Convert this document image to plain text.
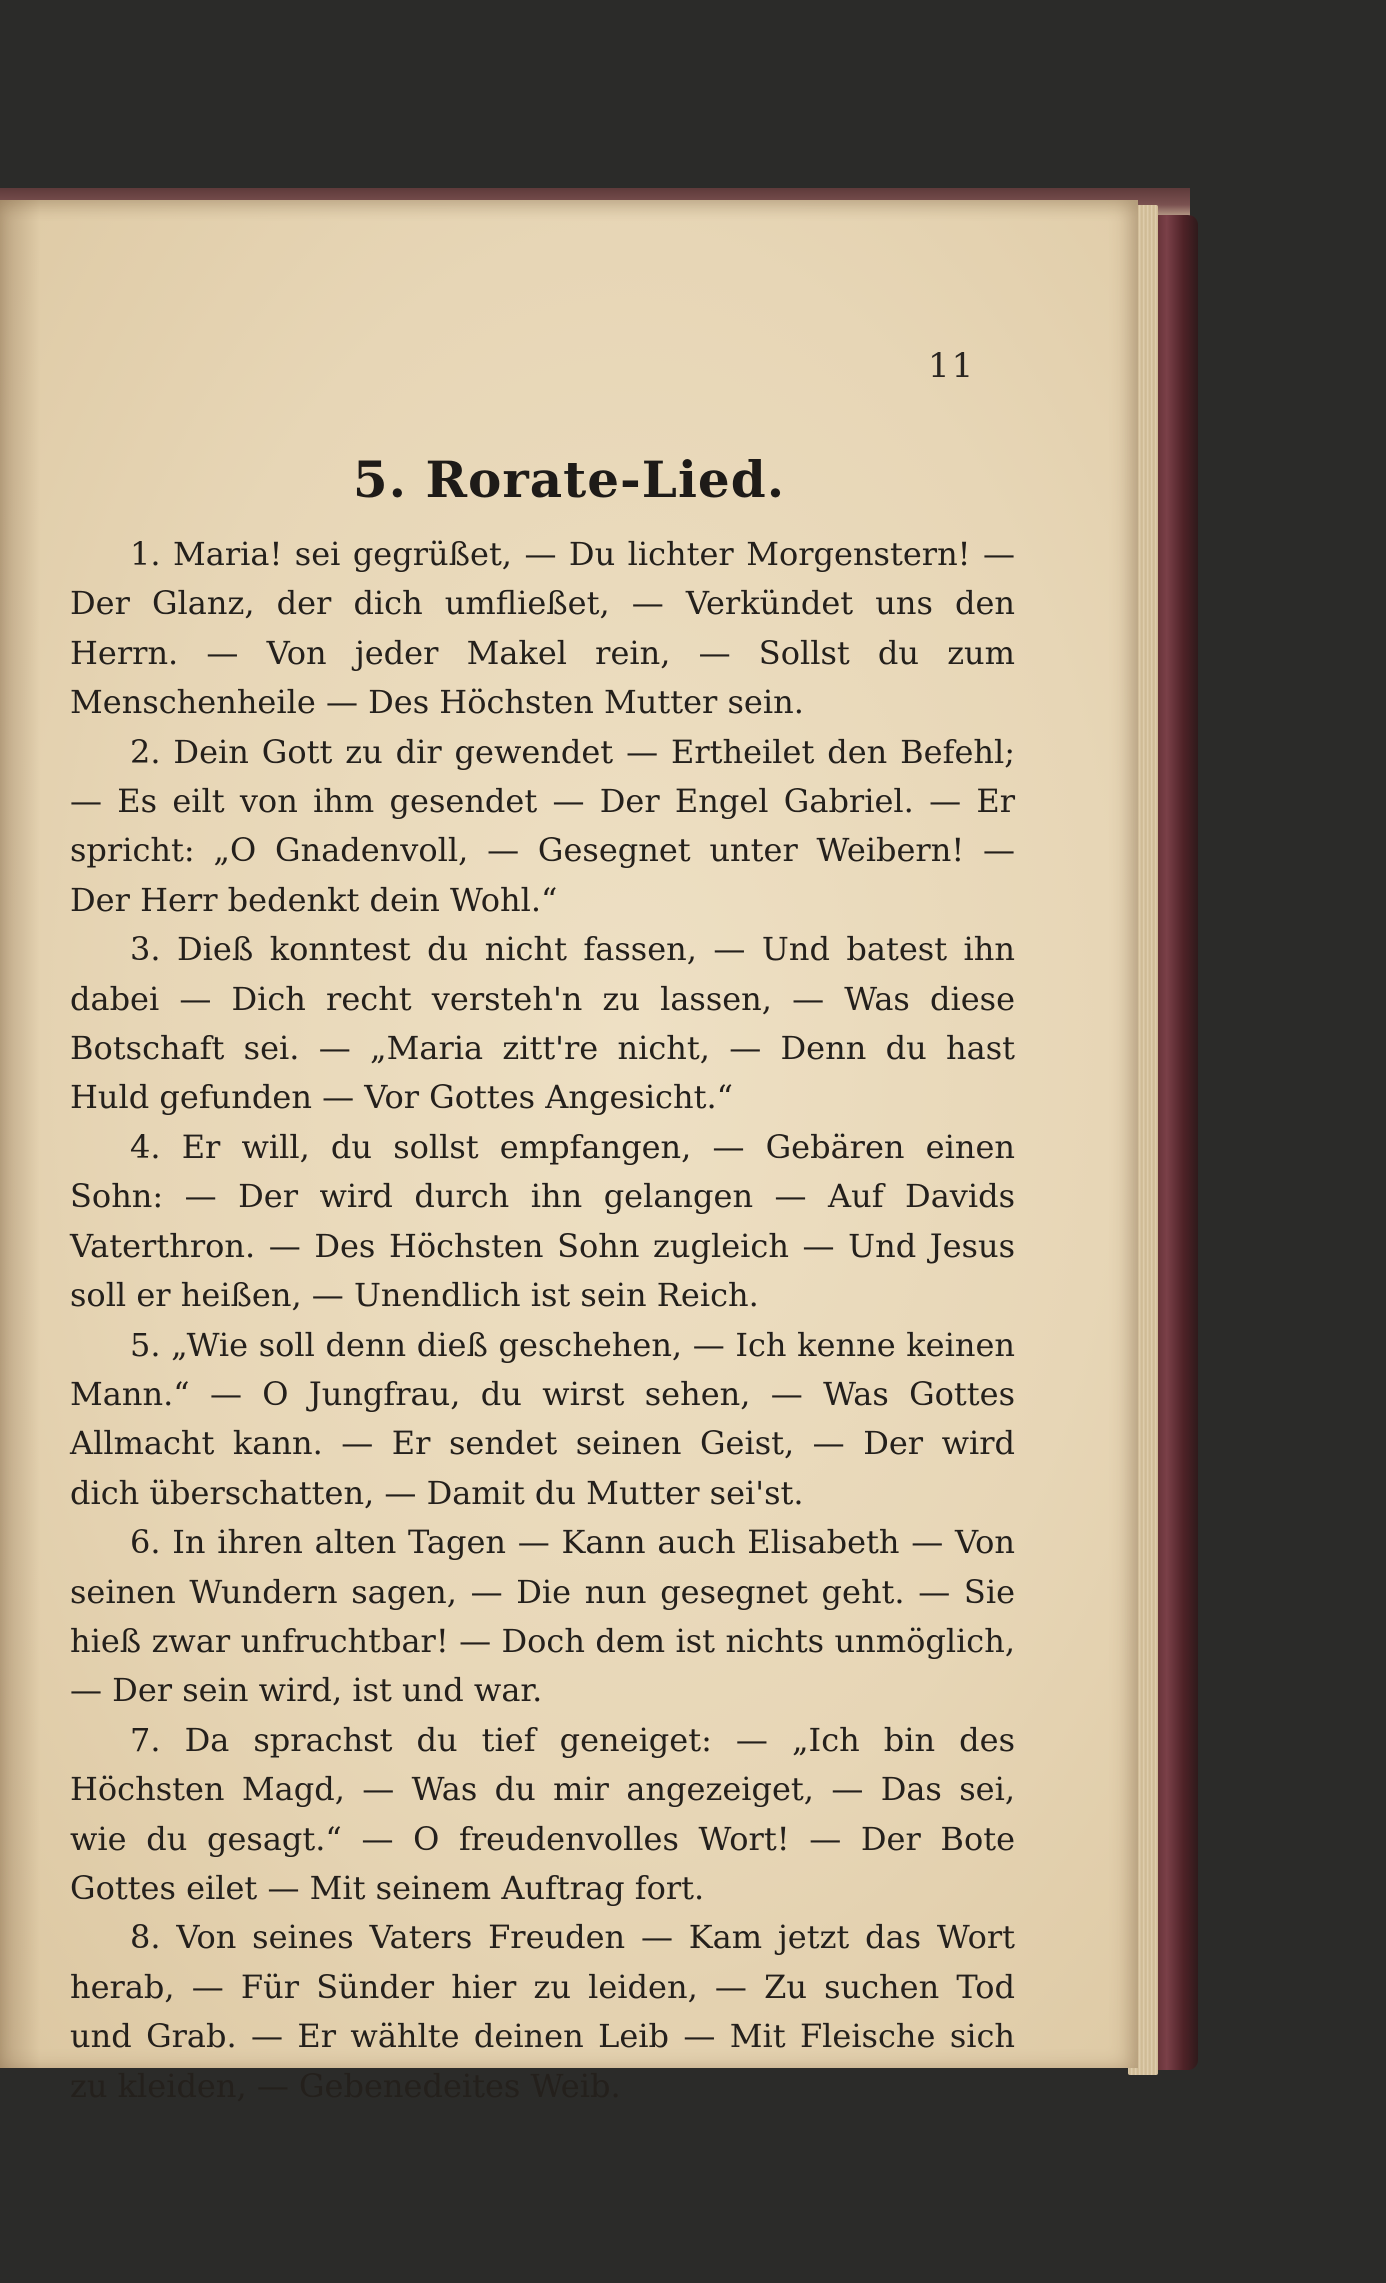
11
5. Rorate-Lied.

1. Maria! sei gegrüßet, — Du lichter Morgenstern! — Der Glanz, der dich umfließet, — Verkündet uns den Herrn. — Von jeder Makel rein, — Sollst du zum Menschenheile — Des Höchsten Mutter sein.

2. Dein Gott zu dir gewendet — Ertheilet den Befehl; — Es eilt von ihm gesendet — Der Engel Gabriel. — Er spricht: „O Gnadenvoll, — Gesegnet unter Weibern! — Der Herr bedenkt dein Wohl.“

3. Dieß konntest du nicht fassen, — Und batest ihn dabei — Dich recht versteh'n zu lassen, — Was diese Botschaft sei. — „Maria zitt're nicht, — Denn du hast Huld gefunden — Vor Gottes Angesicht.“

4. Er will, du sollst empfangen, — Gebären einen Sohn: — Der wird durch ihn gelangen — Auf Davids Vaterthron. — Des Höchsten Sohn zugleich — Und Jesus soll er heißen, — Unendlich ist sein Reich.

5. „Wie soll denn dieß geschehen, — Ich kenne keinen Mann.“ — O Jungfrau, du wirst sehen, — Was Gottes Allmacht kann. — Er sendet seinen Geist, — Der wird dich überschatten, — Damit du Mutter sei'st.

6. In ihren alten Tagen — Kann auch Elisabeth — Von seinen Wundern sagen, — Die nun gesegnet geht. — Sie hieß zwar unfruchtbar! — Doch dem ist nichts unmöglich, — Der sein wird, ist und war.

7. Da sprachst du tief geneiget: — „Ich bin des Höchsten Magd, — Was du mir angezeiget, — Das sei, wie du gesagt.“ — O freudenvolles Wort! — Der Bote Gottes eilet — Mit seinem Auftrag fort.

8. Von seines Vaters Freuden — Kam jetzt das Wort herab, — Für Sünder hier zu leiden, — Zu suchen Tod und Grab. — Er wählte deinen Leib — Mit Fleische sich zu kleiden, — Gebenedeites Weib.
